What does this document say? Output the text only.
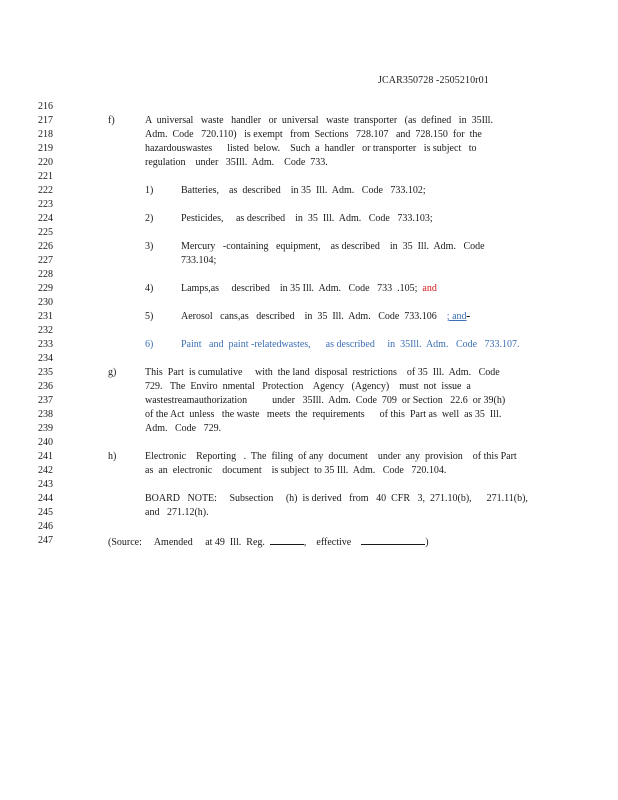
JCAR350728 -2505210r01
216
217
218
219
220
221
222
223
224
225
226
227
228
229
230
231
232
233
234
235
236
237
238
239
240
241
242
243
244
245
246
247
f)	A  universal   waste   handler   or  universal   waste  transporter   (as  defined   in  35Ill.
Adm.  Code   720.110)   is exempt   from  Sections   728.107   and  728.150  for  the
hazardouswastes      listed  below.    Such  a  handler   or transporter   is subject   to
regulation    under   35Ill.  Adm.    Code  733.
1)	Batteries,    as  described    in 35  Ill.  Adm.   Code   733.102;
2)	Pesticides,     as described    in  35  Ill.  Adm.   Code   733.103;
3)	Mercury   -containing   equipment,    as described    in  35  Ill.  Adm.   Code
733.104;
4)	Lamps,as     described    in 35 Ill.  Adm.   Code   733  .105;  and
5)	Aerosol   cans,as   described    in  35  Ill.  Adm.   Code  733.106    ; and-
6)	Paint   and  paint -relatedwastes,      as described     in  35Ill.  Adm.   Code   733.107.
g)	This  Part  is cumulative     with  the land  disposal  restrictions    of 35  Ill.  Adm.   Code
729.   The  Enviro  nmental   Protection    Agency   (Agency)    must  not  issue  a
wastestreamauthorization          under   35Ill.  Adm.  Code  709  or Section   22.6  or 39(h)
of the Act  unless   the waste   meets  the  requirements      of this  Part as  well  as 35  Ill.
Adm.   Code   729.
h)	Electronic    Reporting   .  The  filing  of any  document    under  any  provision    of this Part
as  an  electronic    document    is subject  to 35 Ill.  Adm.   Code   720.104.
BOARD   NOTE:     Subsection     (h)  is derived   from   40  CFR   3,  271.10(b),      271.11(b),
and   271.12(h).
(Source:     Amended     at 49  Ill.  Reg.	,    effective	)
